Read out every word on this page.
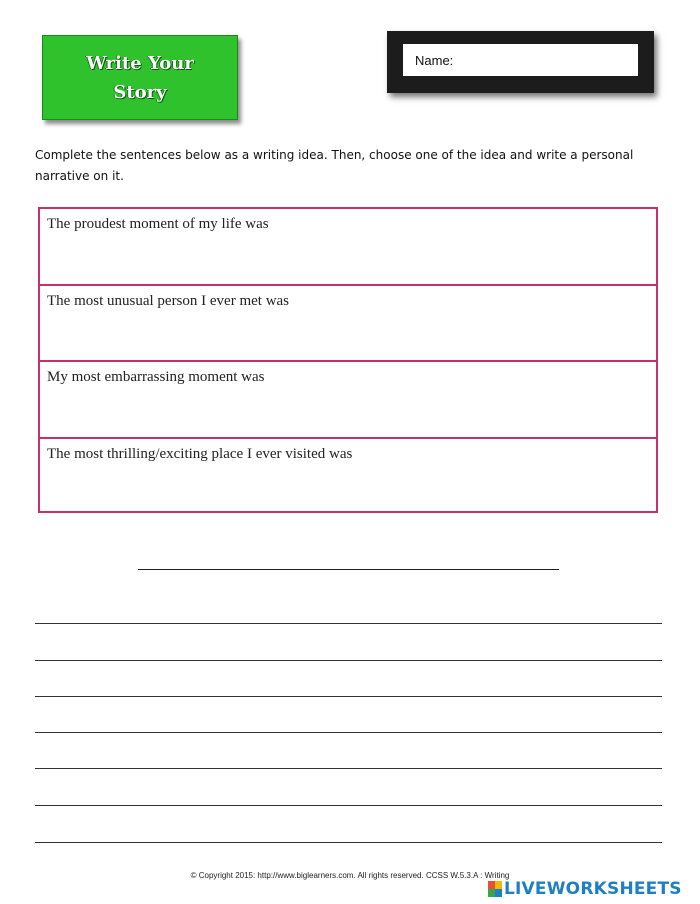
Write Your
Story
Name:
Complete the sentences below as a writing idea. Then, choose one of the idea and write a personal narrative on it.
The proudest moment of my life was
The most unusual person I ever met was
My most embarrassing moment was
The most thrilling/exciting place I ever visited was
© Copyright 2015: http://www.biglearners.com. All rights reserved. CCSS W.5.3.A : Writing
LIVEWORKSHEETS
